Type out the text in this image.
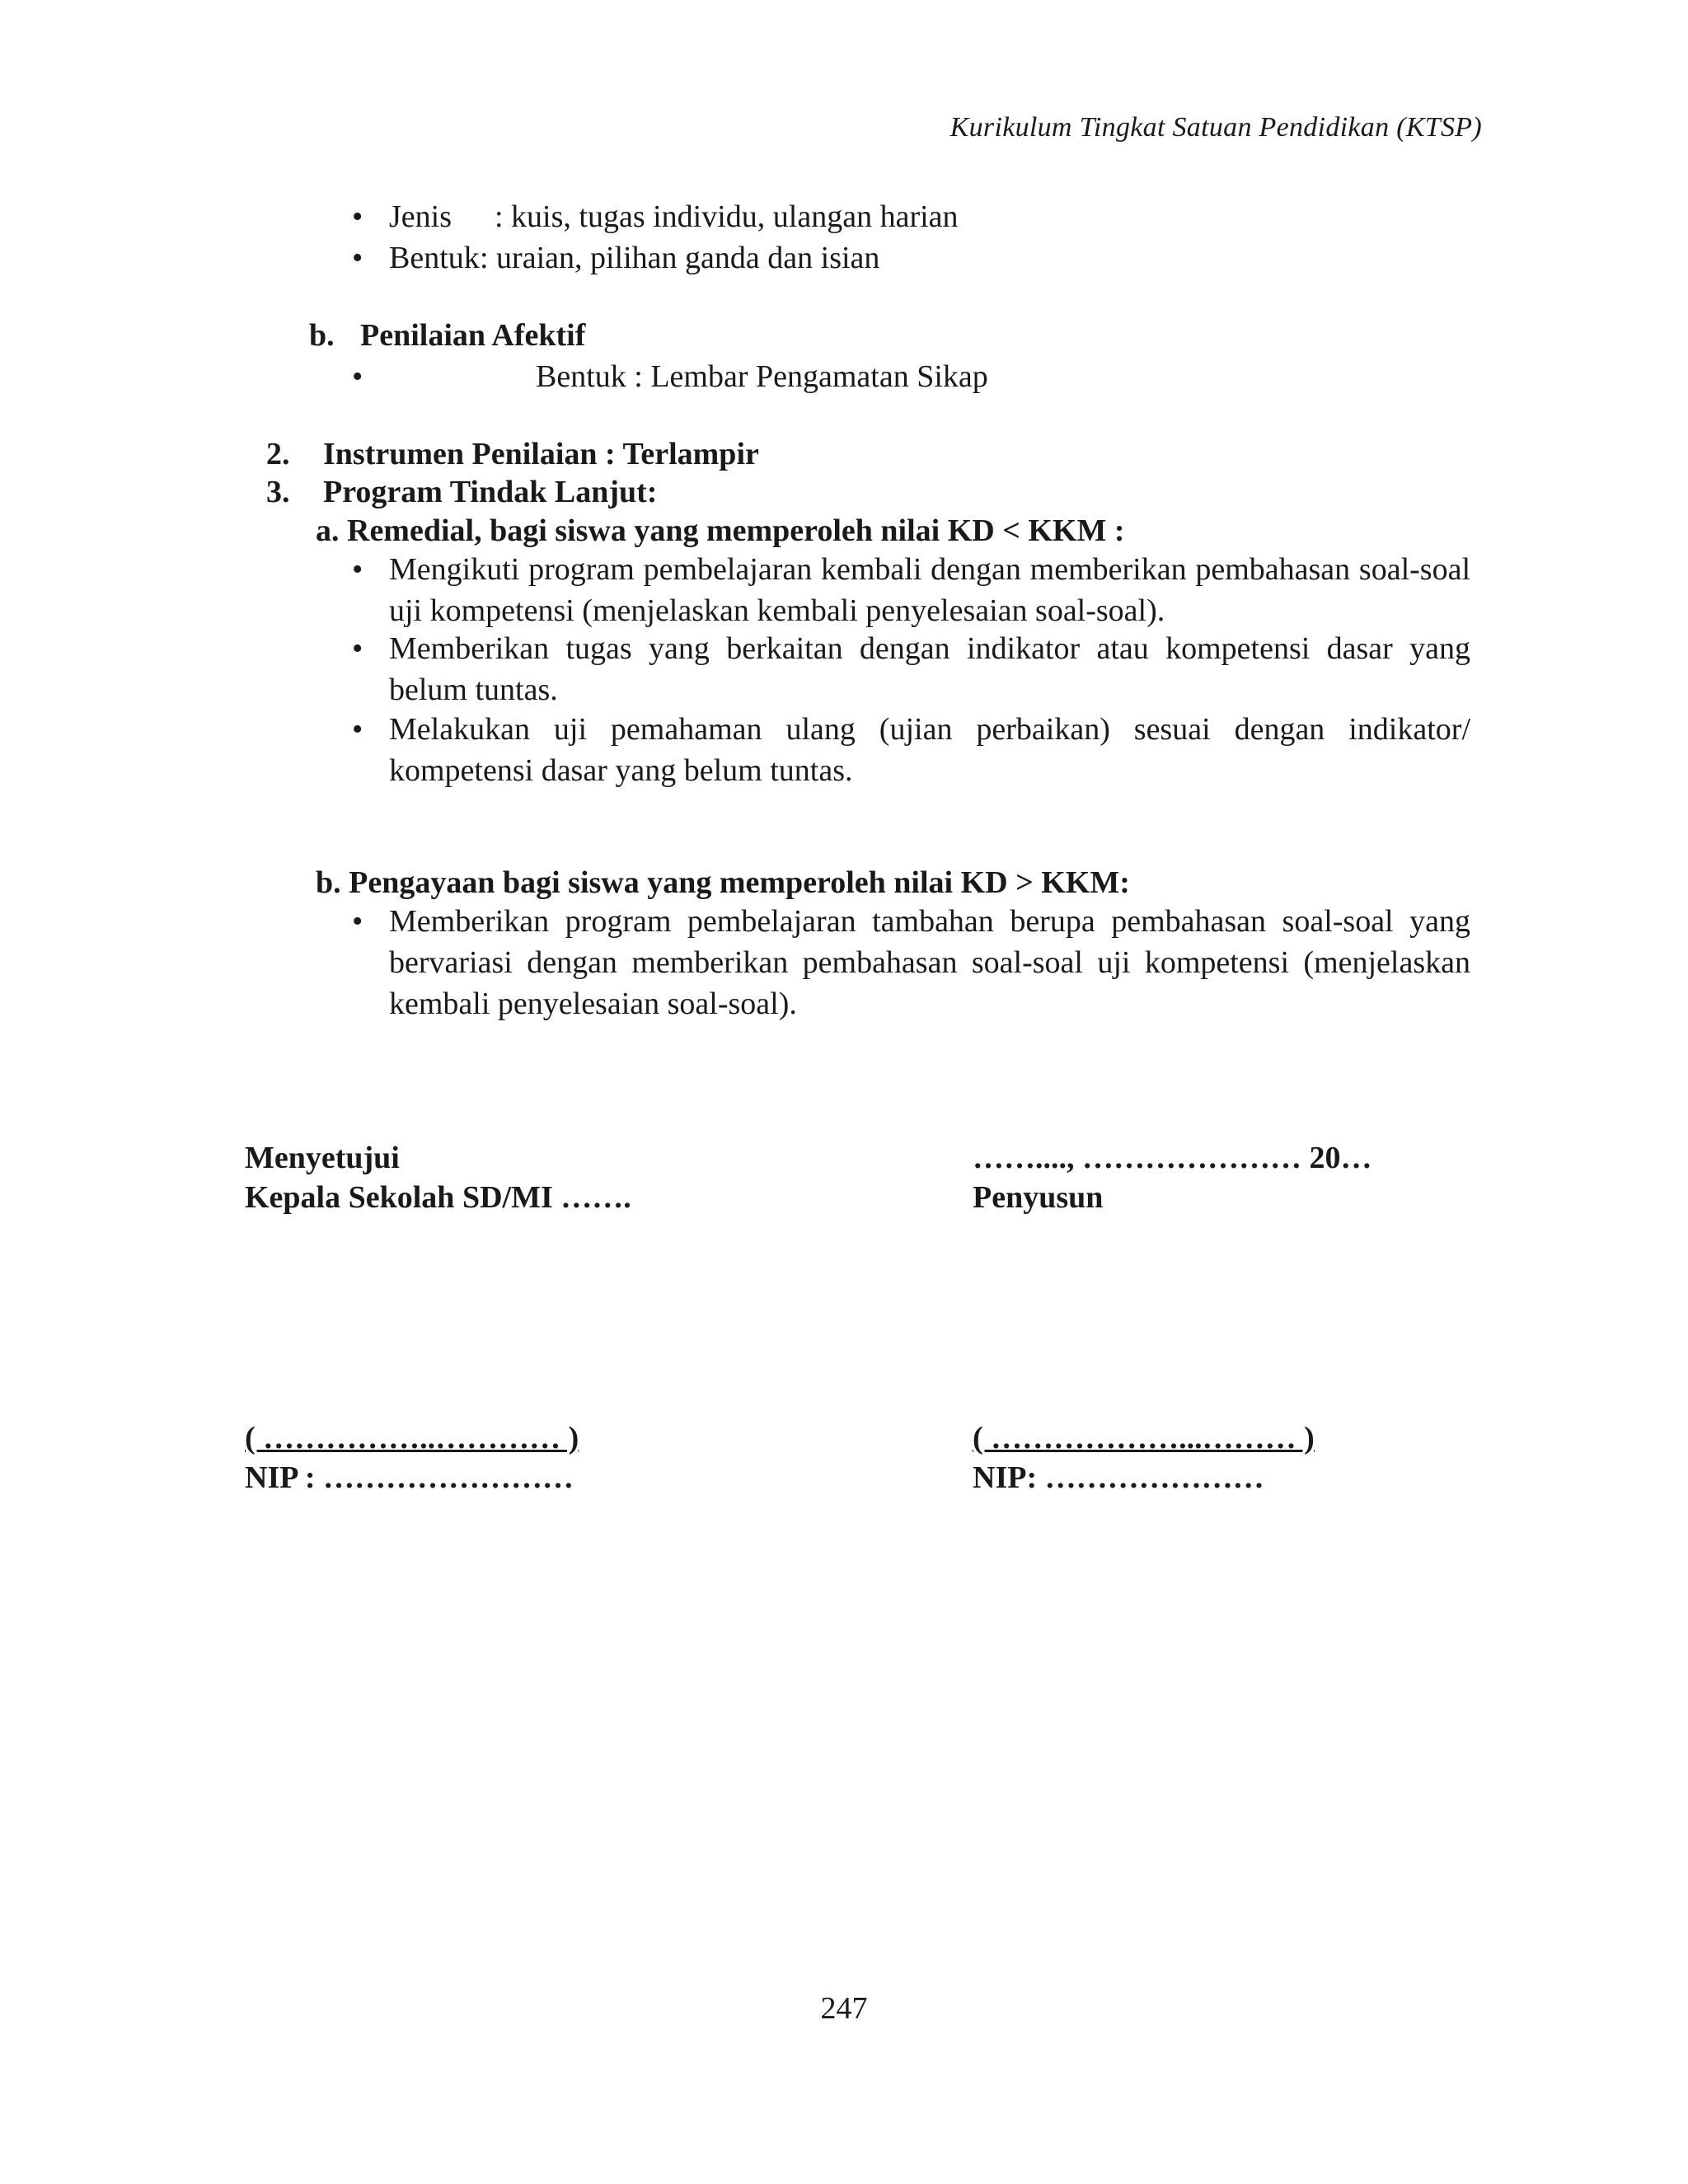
Kurikulum Tingkat Satuan Pendidikan (KTSP)
• Jenis : kuis, tugas individu, ulangan harian
• Bentuk : uraian, pilihan ganda dan isian
b. Penilaian Afektif
•	Bentuk : Lembar Pengamatan Sikap
2. Instrumen Penilaian : Terlampir
3. Program Tindak Lanjut:
a. Remedial, bagi siswa yang memperoleh nilai KD < KKM :
• Mengikuti program pembelajaran kembali dengan memberikan pembahasan soal-soal uji kompetensi (menjelaskan kembali penyelesaian soal-soal).
• Memberikan tugas yang berkaitan dengan indikator atau kompetensi dasar yang belum tuntas.
• Melakukan uji pemahaman ulang (ujian perbaikan) sesuai dengan indikator/ kompetensi dasar yang belum tuntas.
b. Pengayaan bagi siswa yang memperoleh nilai KD > KKM:
• Memberikan program pembelajaran tambahan berupa pembahasan soal-soal yang bervariasi dengan memberikan pembahasan soal-soal uji kompetensi (menjelaskan kembali penyelesaian soal-soal).
Menyetujui
Kepala Sekolah SD/MI …….
……...., ………………… 20…
Penyusun
( ……………..………… )
NIP : ……………………
( ………………...……… )
NIP: …………………
247
